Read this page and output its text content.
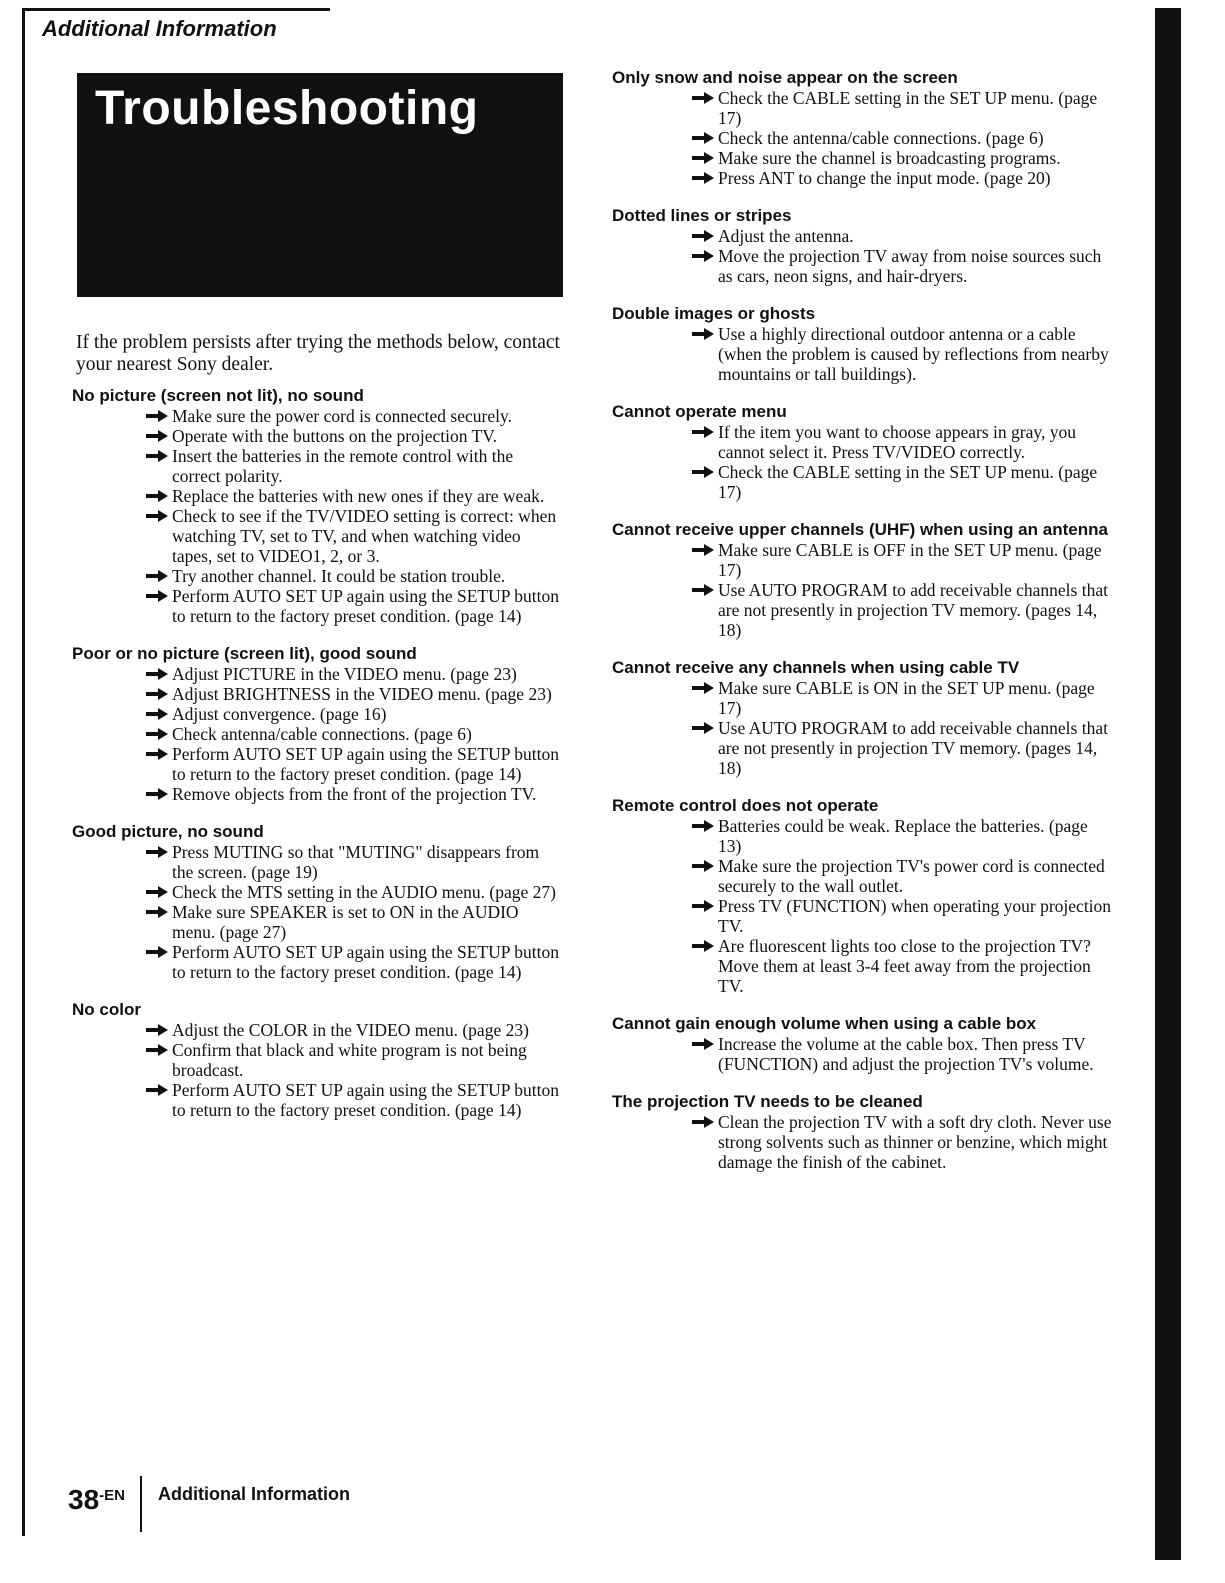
Additional Information
Troubleshooting

If the problem persists after trying the methods below, contact your nearest Sony dealer.

No picture (screen not lit), no sound
Make sure the power cord is connected securely.
Operate with the buttons on the projection TV.
Insert the batteries in the remote control with the correct polarity.
Replace the batteries with new ones if they are weak.
Check to see if the TV/VIDEO setting is correct: when watching TV, set to TV, and when watching video tapes, set to VIDEO1, 2, or 3.
Try another channel. It could be station trouble.
Perform AUTO SET UP again using the SETUP button to return to the factory preset condition. (page 14)
Poor or no picture (screen lit), good sound
Adjust PICTURE in the VIDEO menu. (page 23)
Adjust BRIGHTNESS in the VIDEO menu. (page 23)
Adjust convergence. (page 16)
Check antenna/cable connections. (page 6)
Perform AUTO SET UP again using the SETUP button to return to the factory preset condition. (page 14)
Remove objects from the front of the projection TV.
Good picture, no sound
Press MUTING so that "MUTING" disappears from the screen. (page 19)
Check the MTS setting in the AUDIO menu. (page 27)
Make sure SPEAKER is set to ON in the AUDIO menu. (page 27)
Perform AUTO SET UP again using the SETUP button to return to the factory preset condition. (page 14)
No color
Adjust the COLOR in the VIDEO menu. (page 23)
Confirm that black and white program is not being broadcast.
Perform AUTO SET UP again using the SETUP button to return to the factory preset condition. (page 14)
Only snow and noise appear on the screen
Check the CABLE setting in the SET UP menu. (page 17)
Check the antenna/cable connections. (page 6)
Make sure the channel is broadcasting programs.
Press ANT to change the input mode. (page 20)
Dotted lines or stripes
Adjust the antenna.
Move the projection TV away from noise sources such as cars, neon signs, and hair-dryers.
Double images or ghosts
Use a highly directional outdoor antenna or a cable (when the problem is caused by reflections from nearby mountains or tall buildings).
Cannot operate menu
If the item you want to choose appears in gray, you cannot select it. Press TV/VIDEO correctly.
Check the CABLE setting in the SET UP menu. (page 17)
Cannot receive upper channels (UHF) when using an antenna
Make sure CABLE is OFF in the SET UP menu. (page 17)
Use AUTO PROGRAM to add receivable channels that are not presently in projection TV memory. (pages 14, 18)
Cannot receive any channels when using cable TV
Make sure CABLE is ON in the SET UP menu. (page 17)
Use AUTO PROGRAM to add receivable channels that are not presently in projection TV memory. (pages 14, 18)
Remote control does not operate
Batteries could be weak. Replace the batteries. (page 13)
Make sure the projection TV's power cord is connected securely to the wall outlet.
Press TV (FUNCTION) when operating your projection TV.
Are fluorescent lights too close to the projection TV? Move them at least 3-4 feet away from the projection TV.
Cannot gain enough volume when using a cable box
Increase the volume at the cable box. Then press TV (FUNCTION) and adjust the projection TV's volume.
The projection TV needs to be cleaned
Clean the projection TV with a soft dry cloth. Never use strong solvents such as thinner or benzine, which might damage the finish of the cabinet.
38-EN Additional Information
